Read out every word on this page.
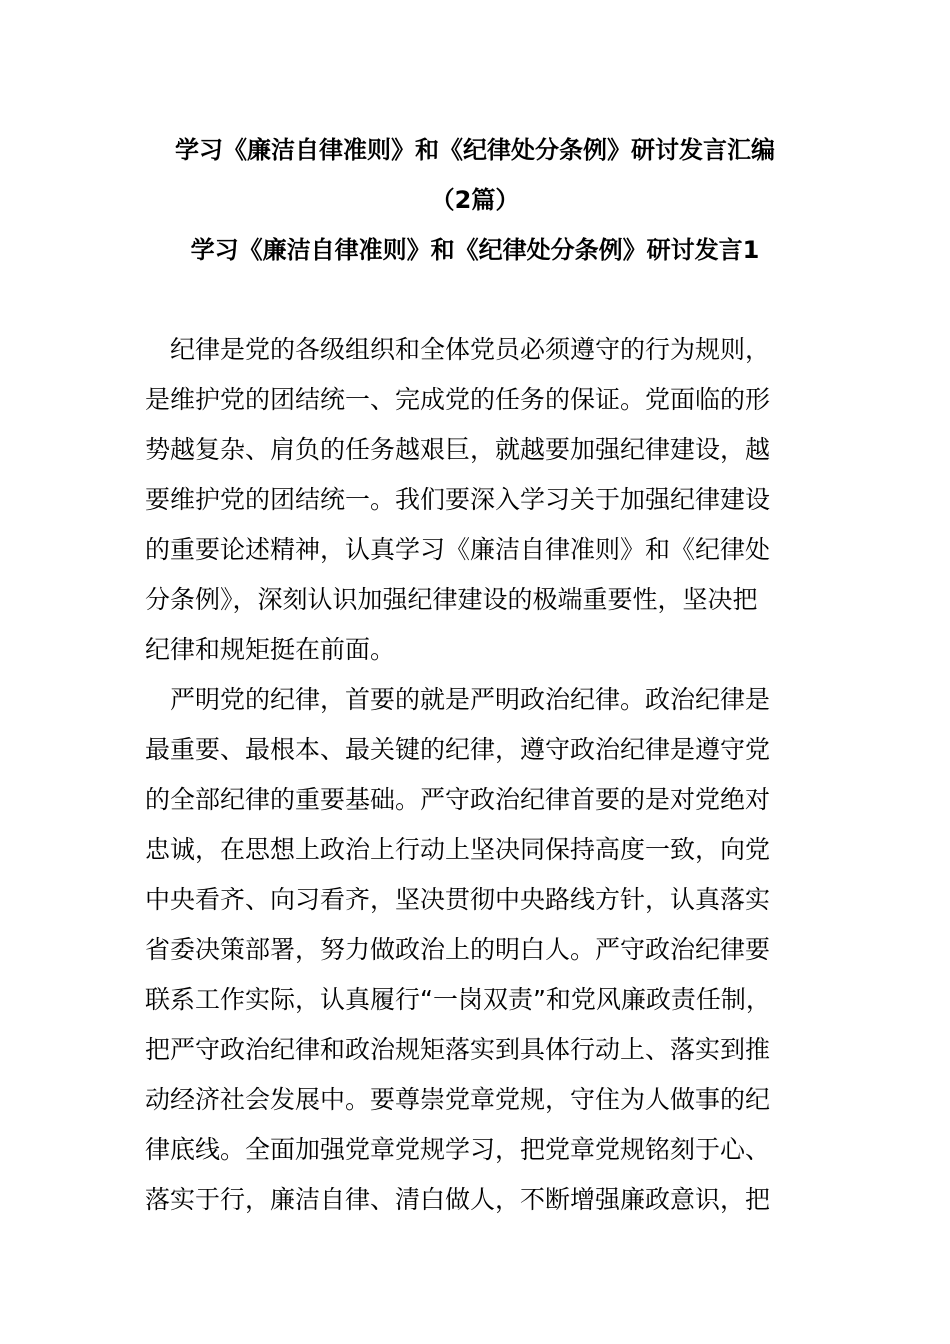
学习《廉洁自律准则》和《纪律处分条例》研讨发言汇编
（2篇）
学习《廉洁自律准则》和《纪律处分条例》研讨发言1
　纪律是党的各级组织和全体党员必须遵守的行为规则，
是维护党的团结统一、完成党的任务的保证。党面临的形
势越复杂、肩负的任务越艰巨，就越要加强纪律建设，越
要维护党的团结统一。我们要深入学习关于加强纪律建设
的重要论述精神，认真学习《廉洁自律准则》和《纪律处
分条例》，深刻认识加强纪律建设的极端重要性，坚决把
纪律和规矩挺在前面。
　严明党的纪律，首要的就是严明政治纪律。政治纪律是
最重要、最根本、最关键的纪律，遵守政治纪律是遵守党
的全部纪律的重要基础。严守政治纪律首要的是对党绝对
忠诚，在思想上政治上行动上坚决同保持高度一致，向党
中央看齐、向习看齐，坚决贯彻中央路线方针，认真落实
省委决策部署，努力做政治上的明白人。严守政治纪律要
联系工作实际，认真履行“一岗双责”和党风廉政责任制，
把严守政治纪律和政治规矩落实到具体行动上、落实到推
动经济社会发展中。要尊崇党章党规，守住为人做事的纪
律底线。全面加强党章党规学习，把党章党规铭刻于心、
落实于行，廉洁自律、清白做人，不断增强廉政意识，把
